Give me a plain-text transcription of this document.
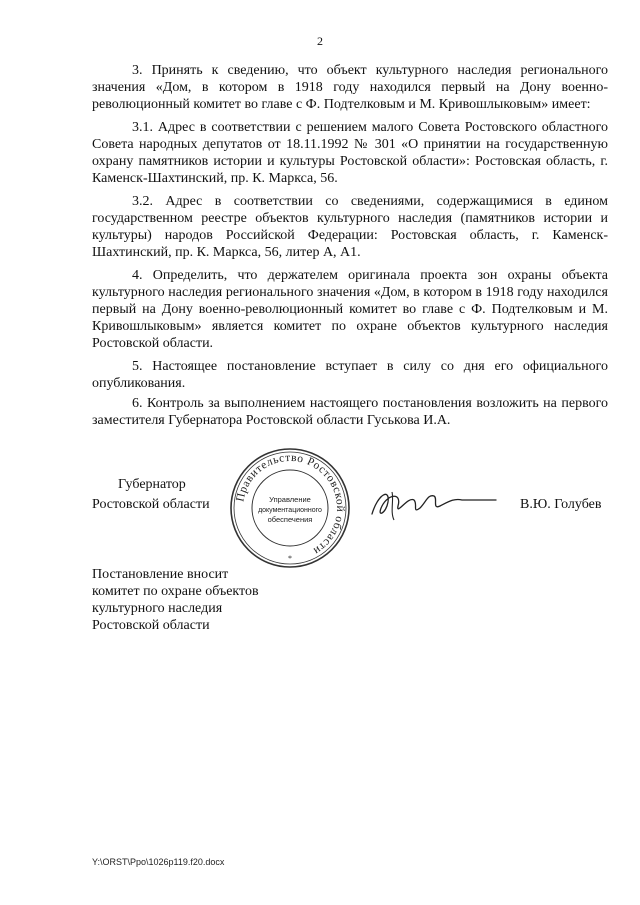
2

3. Принять к сведению, что объект культурного наследия регионального значения «Дом, в котором в 1918 году находился первый на Дону военно-революционный комитет во главе с Ф. Подтелковым и М. Кривошлыковым» имеет:

3.1. Адрес в соответствии с решением малого Совета Ростовского областного Совета народных депутатов от 18.11.1992 № 301 «О принятии на государственную охрану памятников истории и культуры Ростовской области»: Ростовская область, г. Каменск-Шахтинский, пр. К. Маркса, 56.

3.2. Адрес в соответствии со сведениями, содержащимися в едином государственном реестре объектов культурного наследия (памятников истории и культуры) народов Российской Федерации: Ростовская область, г. Каменск-Шахтинский, пр. К. Маркса, 56, литер А, А1.

4. Определить, что держателем оригинала проекта зон охраны объекта культурного наследия регионального значения «Дом, в котором в 1918 году находился первый на Дону военно-революционный комитет во главе с Ф. Подтелковым и М. Кривошлыковым» является комитет по охране объектов культурного наследия Ростовской области.

5. Настоящее постановление вступает в силу со дня его официального опубликования.

6. Контроль за выполнением настоящего постановления возложить на первого заместителя Губернатора Ростовской области Гуськова И.А.

Губернатор
Ростовской области	Правительство Ростовской области
Управление
документационного
обеспечения
*
В.Ю. Голубев
Постановление вносит
комитет по охране объектов
культурного наследия
Ростовской области
Y:\ORST\Ppo\1026p119.f20.docx
